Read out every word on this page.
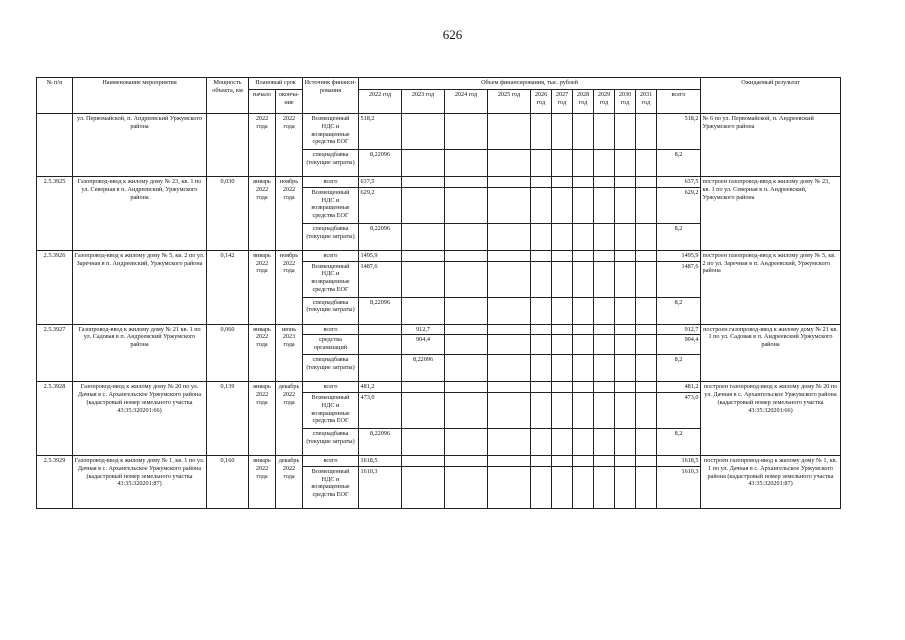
626
№ п/п	Наименование мероприятия	Мощность объекта, км	Плановый срок		Источник финанси-рования	Объем финансирования, тыс. рублей											Ожидаемый результат
			начало	оконча-ние		2022 год	2023 год	2024 год	2025 год	2026 год	2027 год	2028 год	2029 год	2030 год	2031 год	всего	

	ул. Первомайской, п. Андреевский Уржумского района		2022 года	2022 года	Возмещенный НДС и возвращенные средства ЕОГ	518,2										518,2	№ 6 по ул. Первомайской, п. Андреевский Уржумского района
					спецнадбавка (текущие затраты)	8,22096										8,2	
2.5.3925	Газопровод-ввод к жилому дому № 23, кв. 1 по ул. Северная в п. Андреевский, Уржумского района	0,030	январь 2022 года	ноябрь 2022 года	всего	637,5										637,5	построен газопровод-ввод к жилому дому № 23, кв. 1 по ул. Северная в п. Андреевский, Уржумского района
					Возмещенный НДС и возвращенные средства ЕОГ	629,2										629,2	
					спецнадбавка (текущие затраты)	8,22096										8,2	
2.5.3926	Газопровод-ввод к жилому дому № 5, кв. 2 по ул. Заречная в п. Андреевский, Уржумского района	0,142	январь 2022 года	ноябрь 2022 года	всего	1495,9										1495,9	построен газопровод-ввод к жилому дому № 5, кв. 2 по ул. Заречная в п. Андреевский, Уржумского района
					Возмещенный НДС и возвращенные средства ЕОГ	1487,6										1487,6	
					спецнадбавка (текущие затраты)	8,22096										8,2	
2.5.3927	Газопровод-ввод к жилому дому № 21 кв. 1 по ул. Садовая в п. Андреевский Уржумского района	0,060	январь 2022 года	июнь 2023 года	всего		912,7									912,7	построен газопровод-ввод к жилому дому № 21 кв. 1 по ул. Садовая в п. Андреевский Уржумского района
					средства организаций		904,4									904,4	
					спецнадбавка (текущие затраты)		8,22096									8,2	
2.5.3928	Газопровод-ввод к жилому дому № 20 по ул. Дачная в с. Архангельское Уржумского района (кадастровый номер земельного участка 43:35:320201:66)	0,139	январь 2022 года	декабрь 2022 года	всего	481,2										481,2	построен газопровод-ввод к жилому дому № 20 по ул. Дачная в с. Архангельское Уржумского района (кадастровый номер земельного участка 43:35:320201:66)
					Возмещенный НДС и возвращенные средства ЕОГ	473,0										473,0	
					спецнадбавка (текущие затраты)	8,22096										8,2	
2.5.3929	Газопровод-ввод к жилому дому № 1, кв. 1 по ул. Дачная в с. Архангельское Уржумского района (кадастровый номер земельного участка 43:35:320201:87)	0,160	январь 2022 года	декабрь 2022 года	всего	1618,5										1618,5	построен газопровод-ввод к жилому дому № 1, кв. 1 по ул. Дачная в с. Архангельское Уржумского района (кадастровый номер земельного участка 43:35:320201:87)
					Возмещенный НДС и возвращенные средства ЕОГ	1610,3										1610,3	
